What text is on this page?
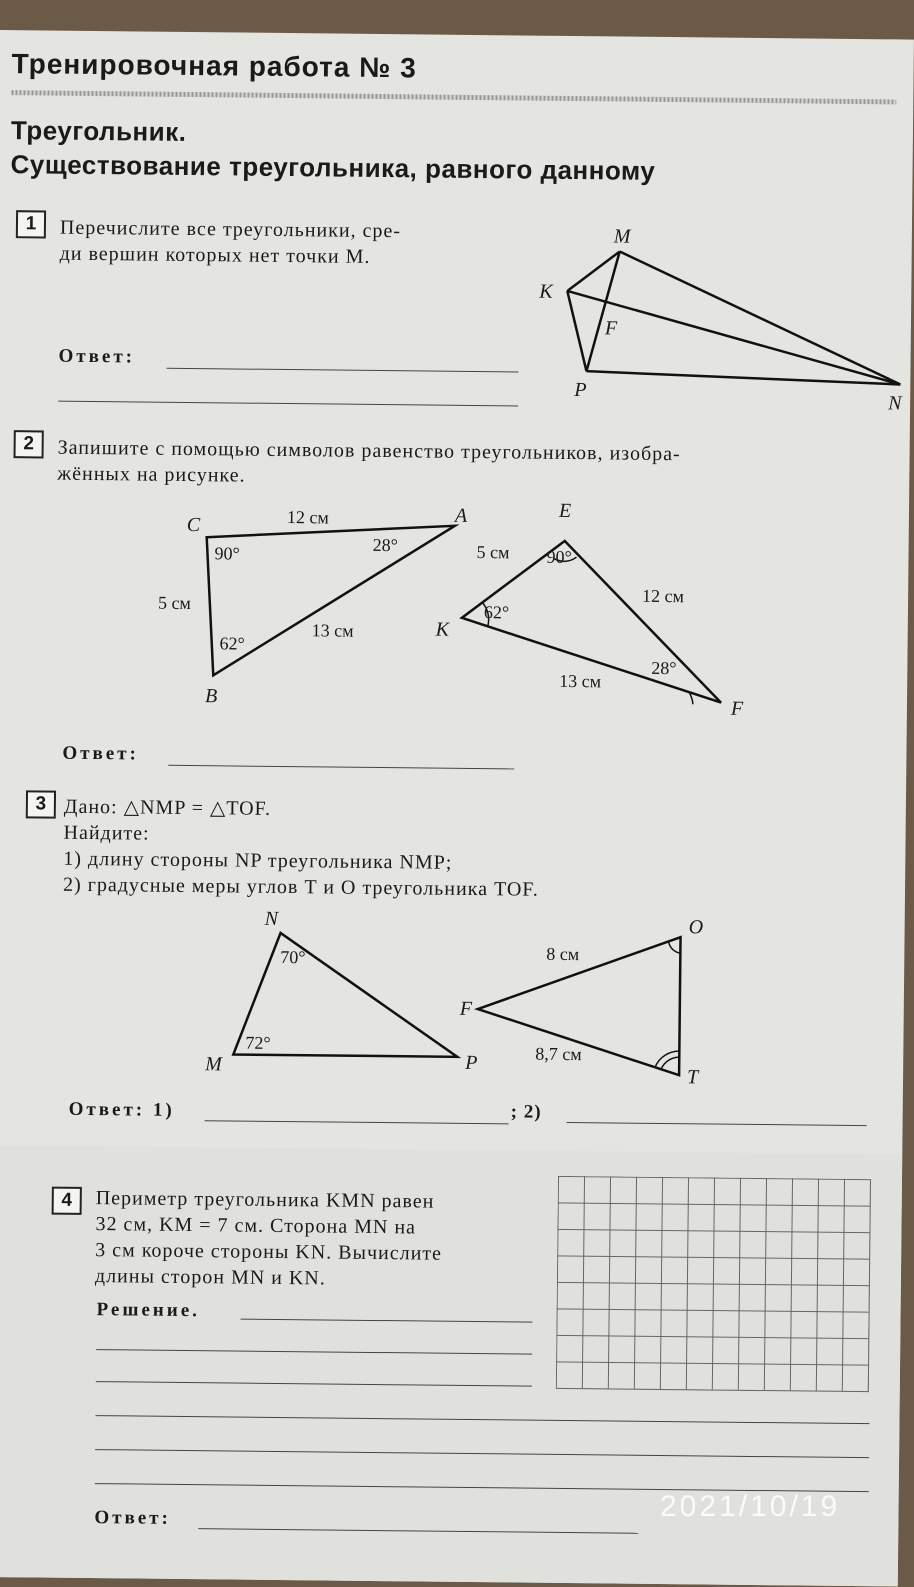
Тренировочная работа № 3
Треугольник.
Существование треугольника, равного данному
1	Перечислите все треугольники, сре-
ди вершин которых нет точки M.
Ответ:
M
K
F
P
N
2	Запишите с помощью символов равенство треугольников, изобра-
жённых на рисунке.
C	A
B
12 см
5 см
13 см
90°	28°
62°
E
K
F
5 см
12 см
13 см
90°
62°
28°
Ответ:
3 Дано: △NMP = △TOF.
Найдите:
1) длину стороны NP треугольника NMP;
2) градусные меры углов T и O треугольника TOF.
N
M	P
70°
72°
O
F
T
8 см
8,7 см
Ответ: 1)	; 2)
4	Периметр треугольника KMN равен
32 см, KM = 7 см. Сторона MN на
3 см короче стороны KN. Вычислите
длины сторон MN и KN.
Решение.
Ответ:	2021/10/19
